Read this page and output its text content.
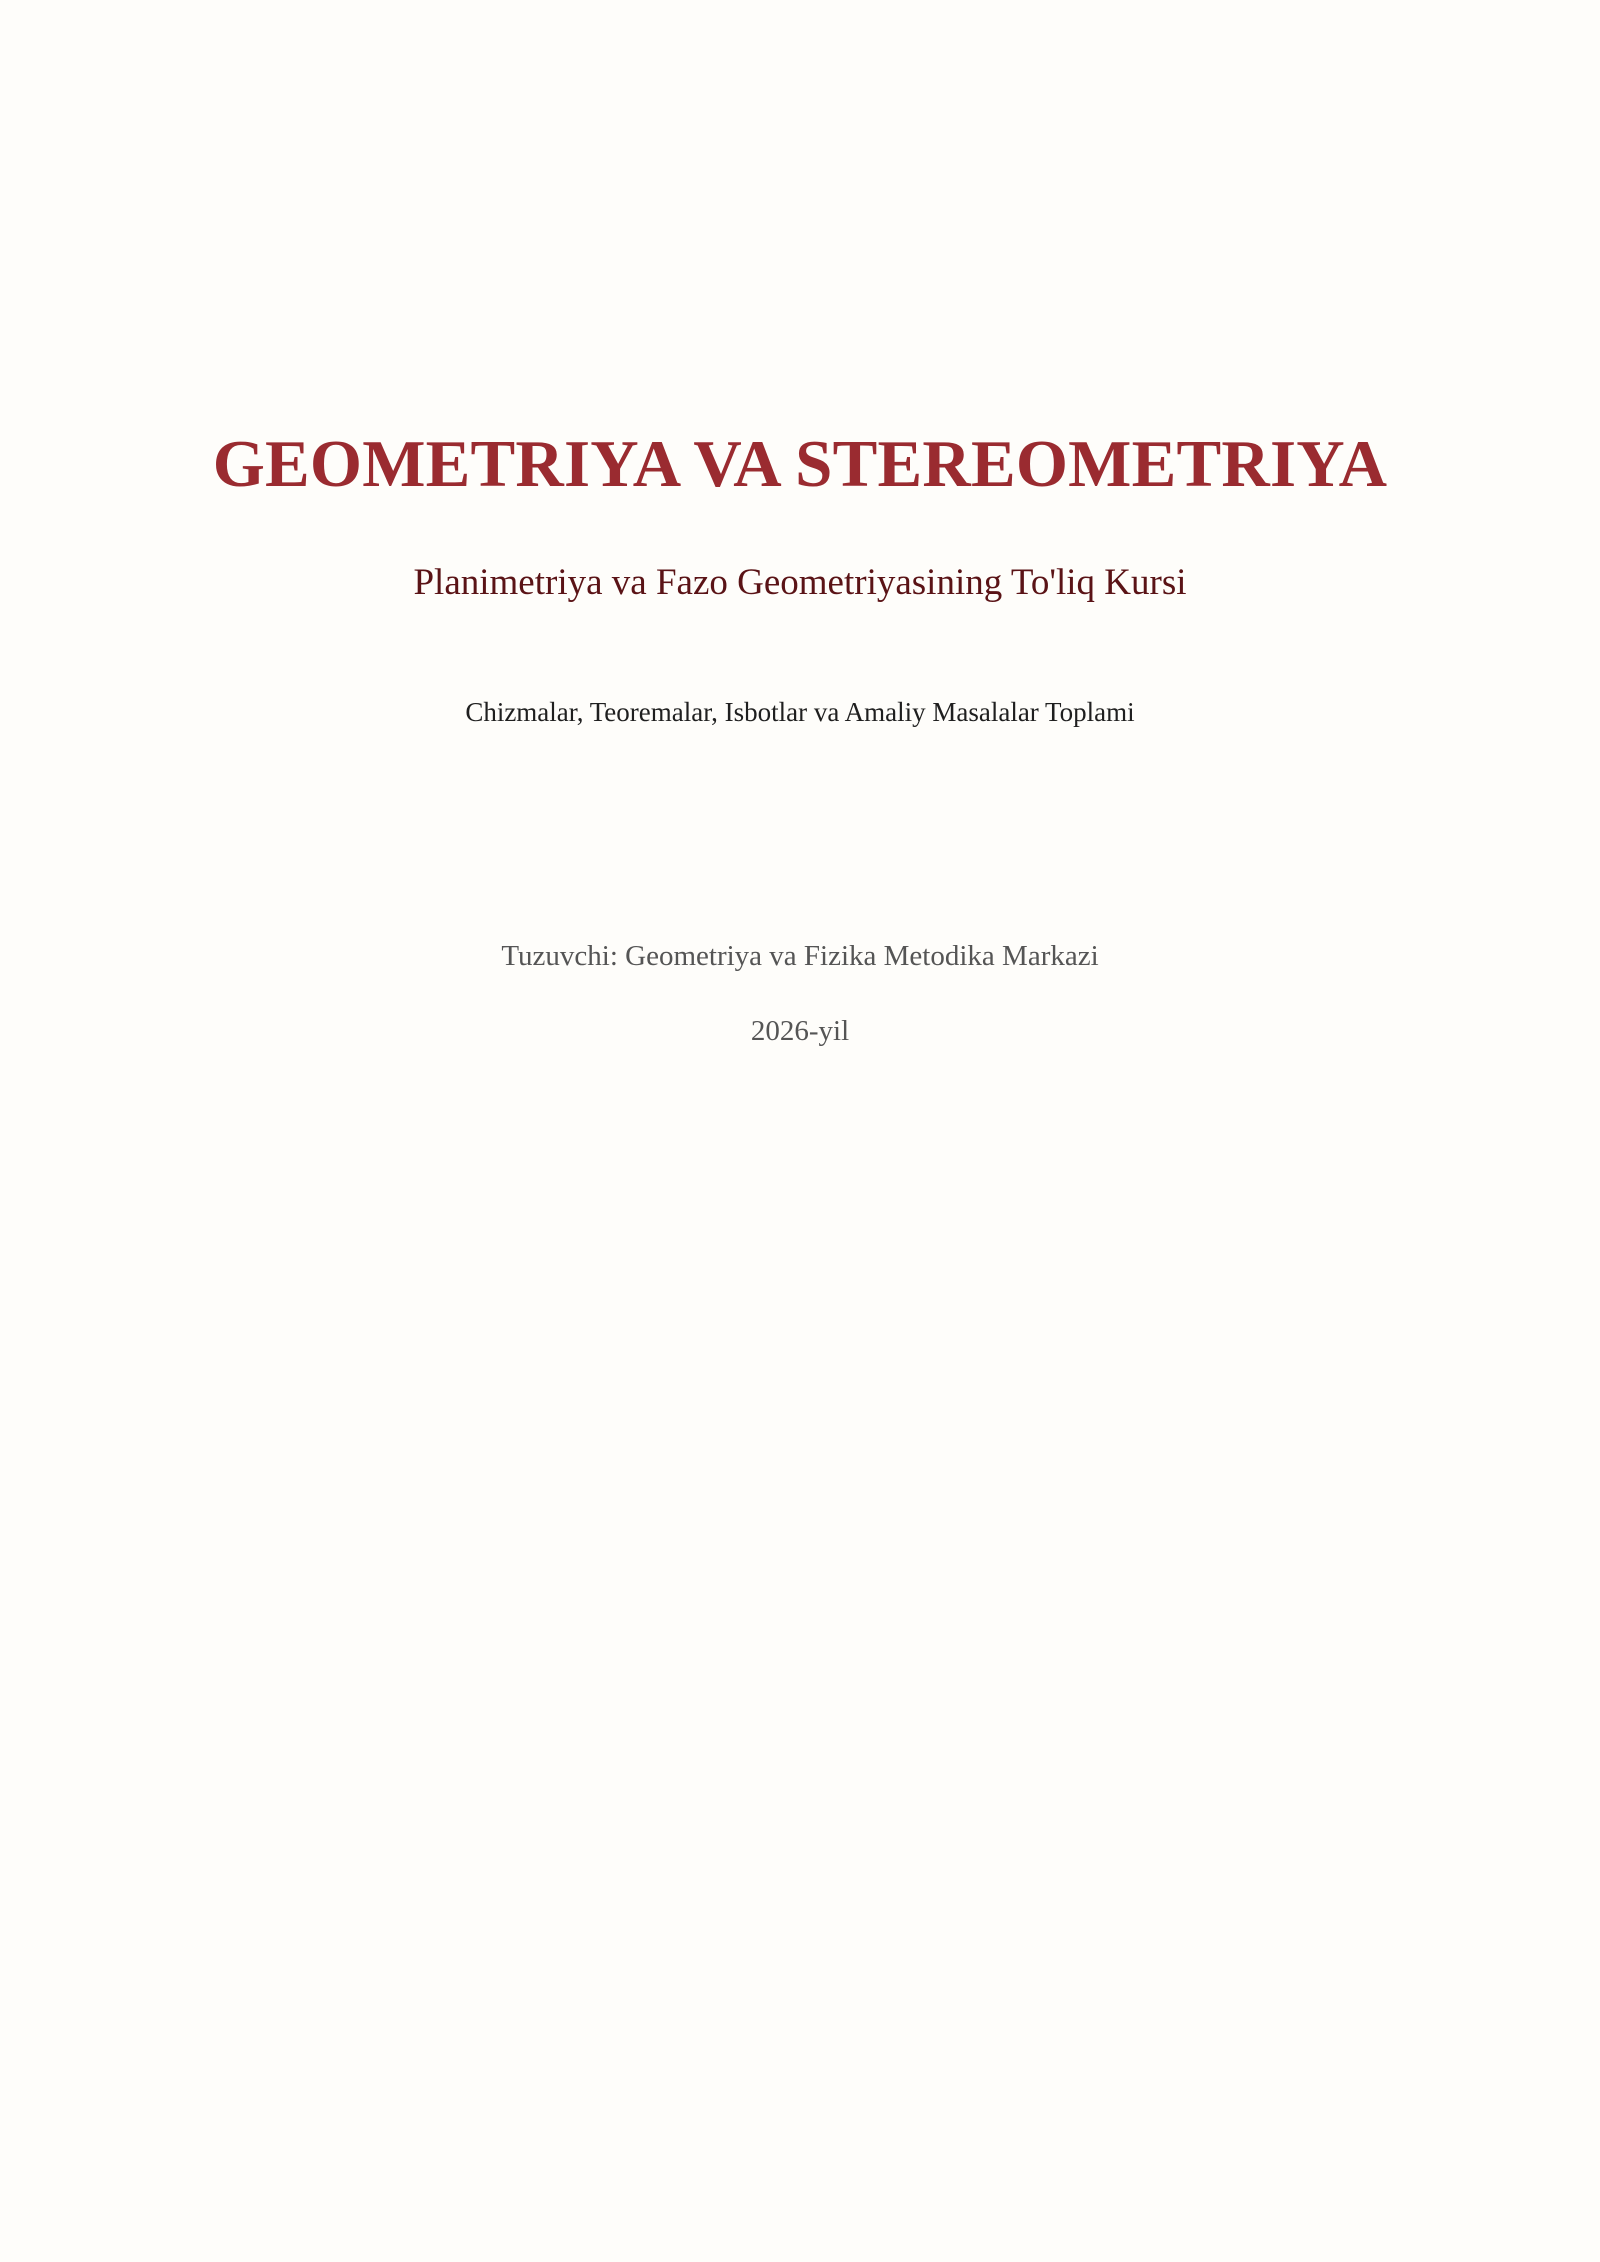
GEOMETRIYA VA STEREOMETRIYA
Planimetriya va Fazo Geometriyasining To'liq Kursi
Chizmalar, Teoremalar, Isbotlar va Amaliy Masalalar Toplami
Tuzuvchi: Geometriya va Fizika Metodika Markazi
2026-yil
